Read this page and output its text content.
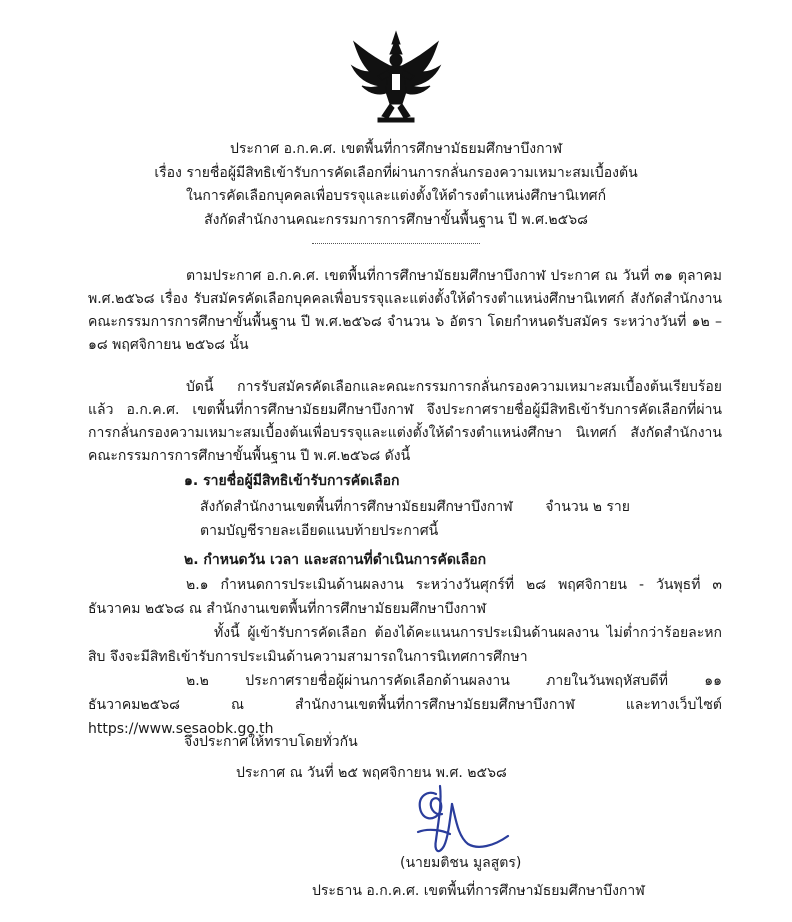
ประกาศ อ.ก.ค.ศ. เขตพื้นที่การศึกษามัธยมศึกษาบึงกาฬ
เรื่อง รายชื่อผู้มีสิทธิเข้ารับการคัดเลือกที่ผ่านการกลั่นกรองความเหมาะสมเบื้องต้น
ในการคัดเลือกบุคคลเพื่อบรรจุและแต่งตั้งให้ดำรงตำแหน่งศึกษานิเทศก์
สังกัดสำนักงานคณะกรรมการการศึกษาขั้นพื้นฐาน ปี พ.ศ.๒๕๖๘
ตามประกาศ อ.ก.ค.ศ. เขตพื้นที่การศึกษามัธยมศึกษาบึงกาฬ ประกาศ ณ วันที่ ๓๑ ตุลาคม พ.ศ.๒๕๖๘ เรื่อง รับสมัครคัดเลือกบุคคลเพื่อบรรจุและแต่งตั้งให้ดำรงตำแหน่งศึกษานิเทศก์ สังกัดสำนักงานคณะกรรมการการศึกษาขั้นพื้นฐาน ปี พ.ศ.๒๕๖๘ จำนวน ๖ อัตรา โดยกำหนดรับสมัคร ระหว่างวันที่ ๑๒ – ๑๘ พฤศจิกายน ๒๕๖๘ นั้น
บัดนี้ การรับสมัครคัดเลือกและคณะกรรมการกลั่นกรองความเหมาะสมเบื้องต้นเรียบร้อยแล้ว อ.ก.ค.ศ. เขตพื้นที่การศึกษามัธยมศึกษาบึงกาฬ จึงประกาศรายชื่อผู้มีสิทธิเข้ารับการคัดเลือกที่ผ่านการกลั่นกรองความเหมาะสมเบื้องต้นเพื่อบรรจุและแต่งตั้งให้ดำรงตำแหน่งศึกษา นิเทศก์ สังกัดสำนักงานคณะกรรมการการศึกษาขั้นพื้นฐาน ปี พ.ศ.๒๕๖๘ ดังนี้
๑. รายชื่อผู้มีสิทธิเข้ารับการคัดเลือก
สังกัดสำนักงานเขตพื้นที่การศึกษามัธยมศึกษาบึงกาฬ จำนวน ๒ ราย
ตามบัญชีรายละเอียดแนบท้ายประกาศนี้
๒. กำหนดวัน เวลา และสถานที่ดำเนินการคัดเลือก
๒.๑ กำหนดการประเมินด้านผลงาน ระหว่างวันศุกร์ที่ ๒๘ พฤศจิกายน - วันพุธที่ ๓ ธันวาคม ๒๕๖๘ ณ สำนักงานเขตพื้นที่การศึกษามัธยมศึกษาบึงกาฬ
ทั้งนี้ ผู้เข้ารับการคัดเลือก ต้องได้คะแนนการประเมินด้านผลงาน ไม่ต่ำกว่าร้อยละหกสิบ จึงจะมีสิทธิเข้ารับการประเมินด้านความสามารถในการนิเทศการศึกษา
๒.๒ ประกาศรายชื่อผู้ผ่านการคัดเลือกด้านผลงาน ภายในวันพฤหัสบดีที่ ๑๑ ธันวาคม๒๕๖๘ ณ สำนักงานเขตพื้นที่การศึกษามัธยมศึกษาบึงกาฬ และทางเว็บไซต์ https://www.sesaobk.go.th
จึงประกาศให้ทราบโดยทั่วกัน
ประกาศ ณ วันที่ ๒๕ พฤศจิกายน พ.ศ. ๒๕๖๘
(นายมติชน มูลสูตร)
ประธาน อ.ก.ค.ศ. เขตพื้นที่การศึกษามัธยมศึกษาบึงกาฬ
